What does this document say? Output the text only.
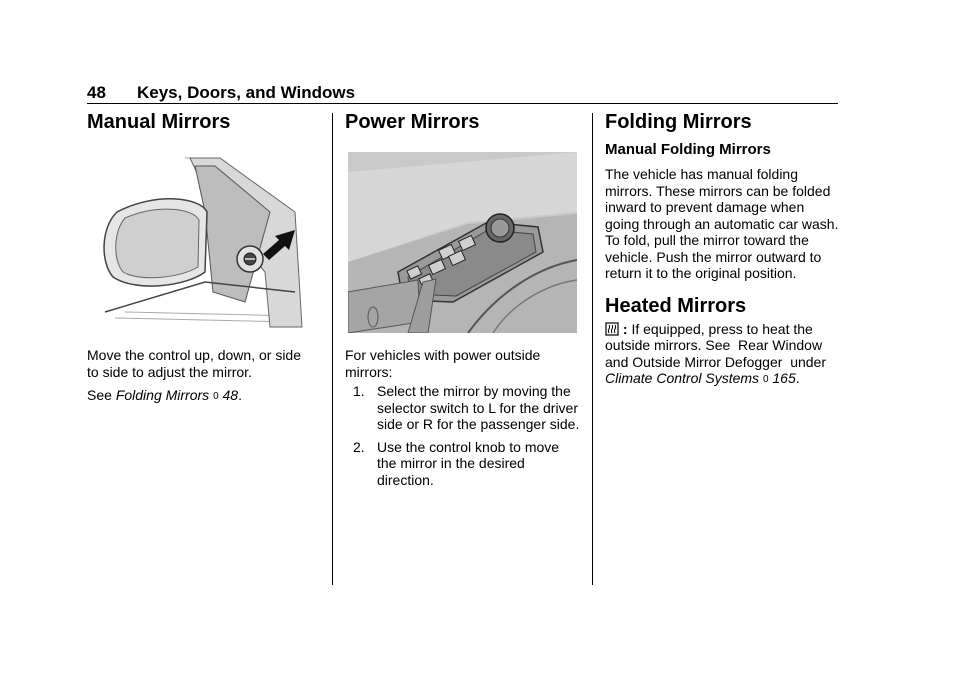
48 Keys, Doors, and Windows
Manual Mirrors

Move the control up, down, or side to side to adjust the mirror.

See Folding Mirrors 0 48.

Power Mirrors

For vehicles with power outside mirrors:

1. Select the mirror by moving the selector switch to L for the driver side or R for the passenger side.
2. Use the control knob to move the mirror in the desired direction.
Folding Mirrors
Manual Folding Mirrors

The vehicle has manual folding mirrors. These mirrors can be folded inward to prevent damage when going through an automatic car wash. To fold, pull the mirror toward the vehicle. Push the mirror outward to return it to the original position.

Heated Mirrors

: If equipped, press to heat the outside mirrors. See  Rear Window and Outside Mirror Defogger  under Climate Control Systems 0 165.
